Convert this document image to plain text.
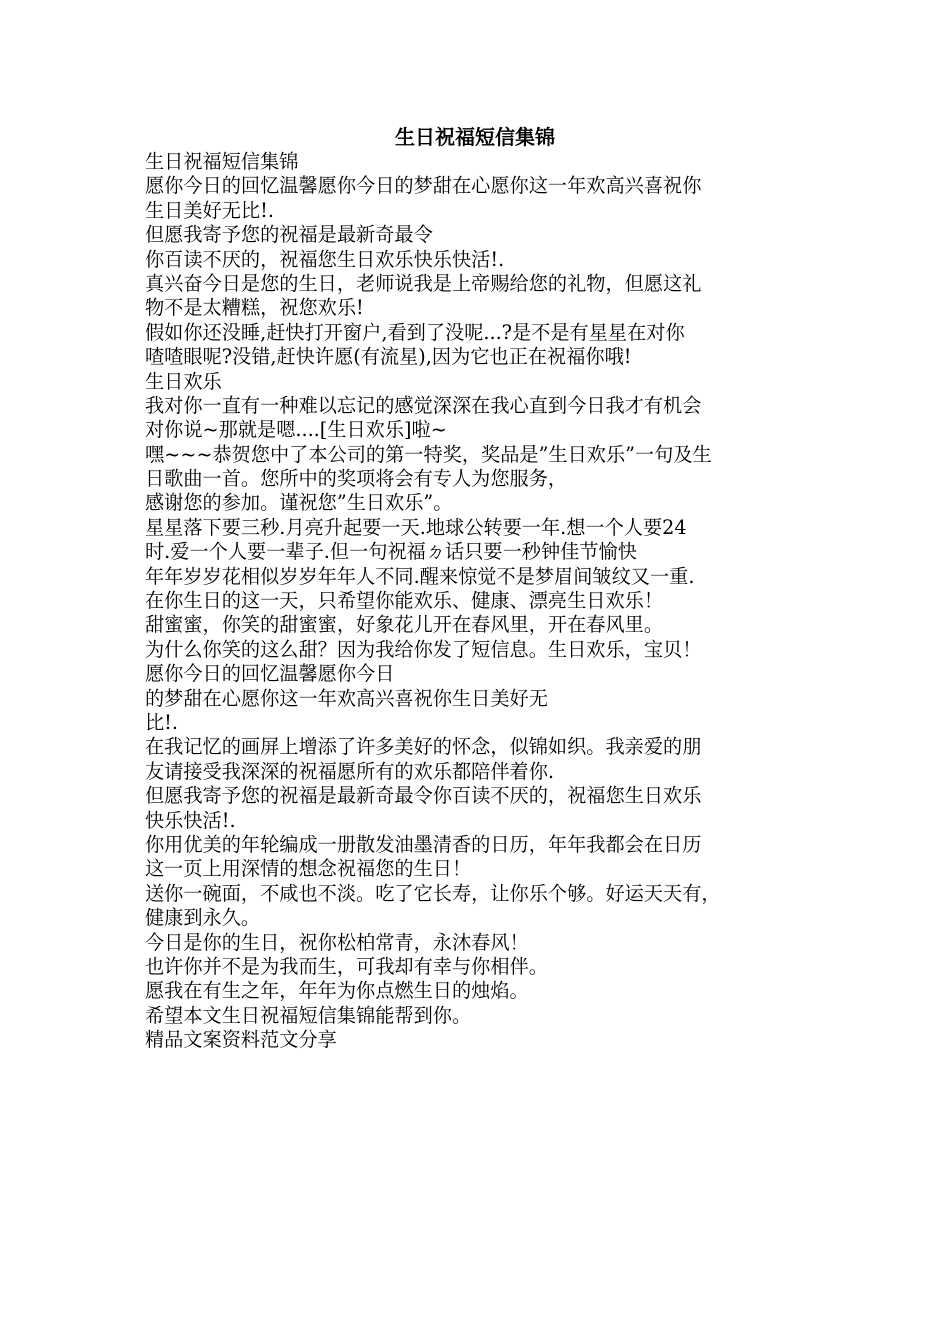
生日祝福短信集锦
生日祝福短信集锦
愿你今日的回忆温馨愿你今日的梦甜在心愿你这一年欢高兴喜祝你
生日美好无比!.
但愿我寄予您的祝福是最新奇最令
你百读不厌的，祝福您生日欢乐快乐快活!.
真兴奋今日是您的生日，老师说我是上帝赐给您的礼物，但愿这礼
物不是太糟糕，祝您欢乐!
假如你还没睡,赶快打开窗户,看到了没呢...?是不是有星星在对你
喳喳眼呢?没错,赶快许愿(有流星),因为它也正在祝福你哦!
生日欢乐
我对你一直有一种难以忘记的感觉深深在我心直到今日我才有机会
对你说~那就是嗯....[生日欢乐]啦~
嘿~~~恭贺您中了本公司的第一特奖，奖品是”生日欢乐”一句及生
日歌曲一首。您所中的奖项将会有专人为您服务，
感谢您的参加。谨祝您”生日欢乐”。
星星落下要三秒.月亮升起要一天.地球公转要一年.想一个人要24
时.爱一个人要一辈子.但一句祝福ㄉ话只要一秒钟佳节愉快
年年岁岁花相似岁岁年年人不同.醒来惊觉不是梦眉间皱纹又一重.
在你生日的这一天，只希望你能欢乐、健康、漂亮生日欢乐！
甜蜜蜜，你笑的甜蜜蜜，好象花儿开在春风里，开在春风里。
为什么你笑的这么甜？因为我给你发了短信息。生日欢乐，宝贝！
愿你今日的回忆温馨愿你今日
的梦甜在心愿你这一年欢高兴喜祝你生日美好无
比!.
在我记忆的画屏上增添了许多美好的怀念，似锦如织。我亲爱的朋
友请接受我深深的祝福愿所有的欢乐都陪伴着你.
但愿我寄予您的祝福是最新奇最令你百读不厌的，祝福您生日欢乐
快乐快活!.
你用优美的年轮编成一册散发油墨清香的日历，年年我都会在日历
这一页上用深情的想念祝福您的生日！
送你一碗面，不咸也不淡。吃了它长寿，让你乐个够。好运天天有，
健康到永久。
今日是你的生日，祝你松柏常青，永沐春风！
也许你并不是为我而生，可我却有幸与你相伴。
愿我在有生之年，年年为你点燃生日的烛焰。
希望本文生日祝福短信集锦能帮到你。
精品文案资料范文分享
